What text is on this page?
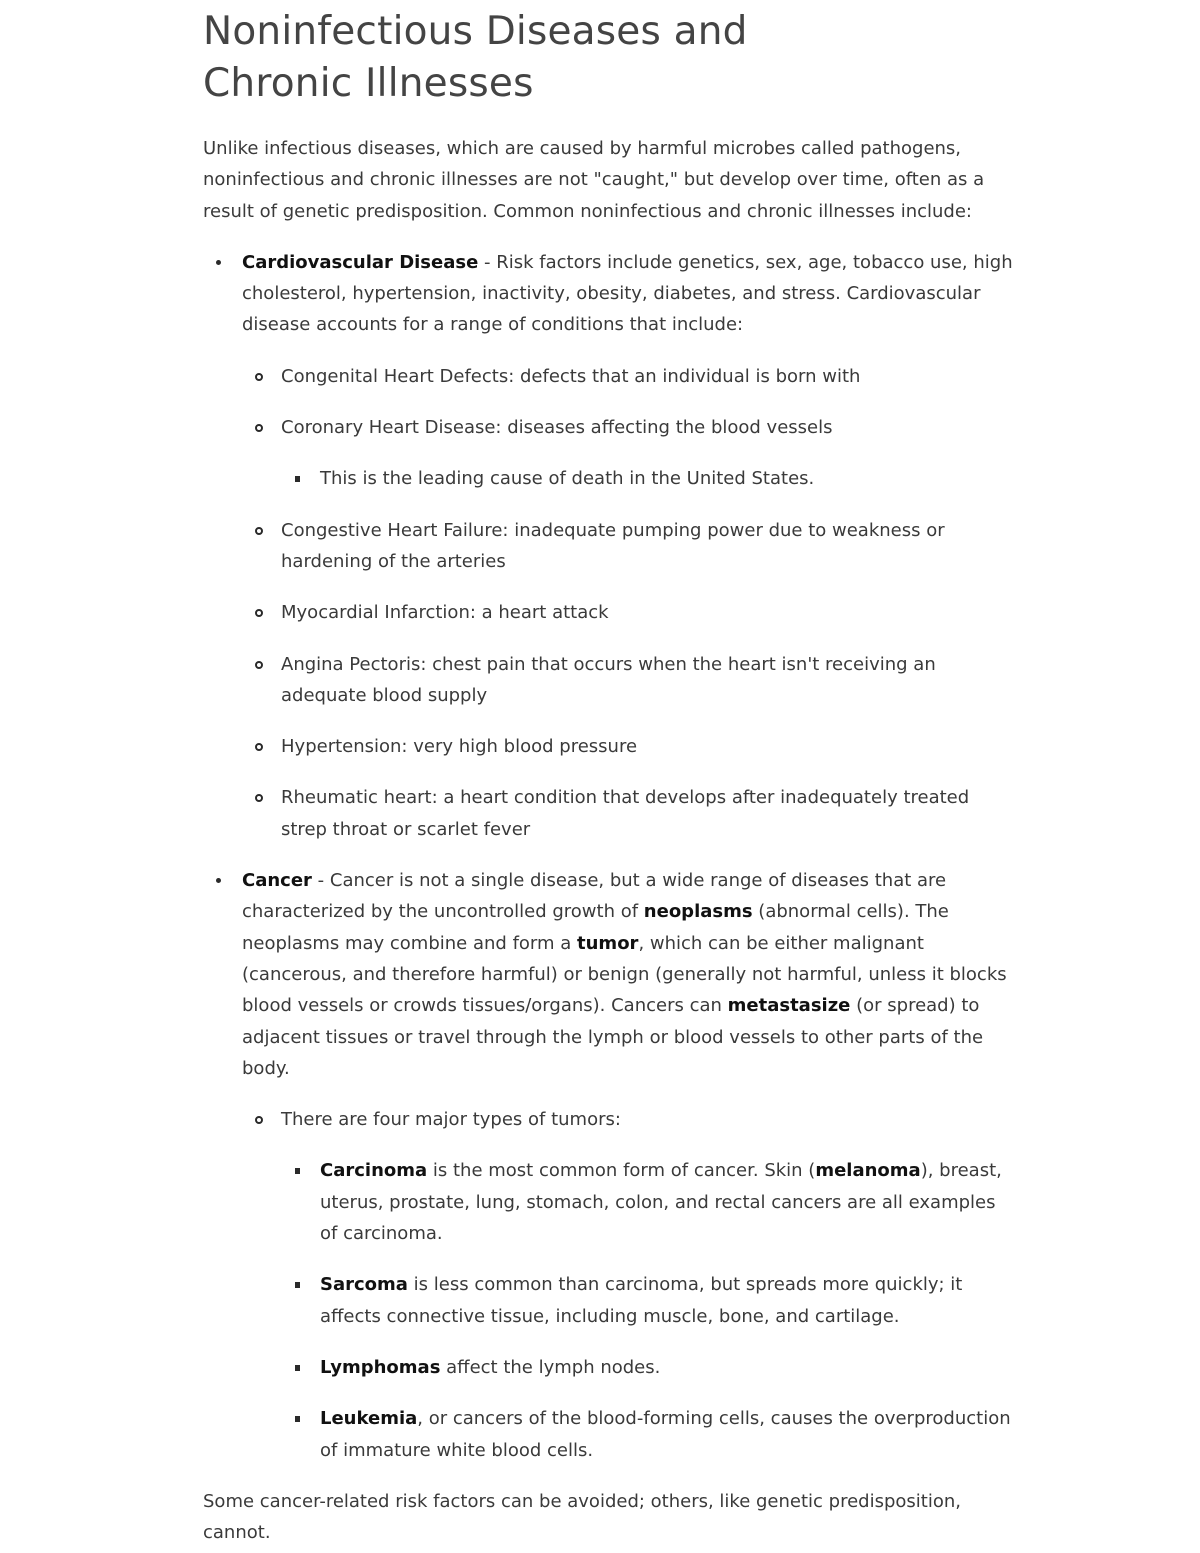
Noninfectious Diseases and Chronic Illnesses

Unlike infectious diseases, which are caused by harmful microbes called pathogens, noninfectious and chronic illnesses are not "caught," but develop over time, often as a result of genetic predisposition. Common noninfectious and chronic illnesses include:

Cardiovascular Disease - Risk factors include genetics, sex, age, tobacco use, high cholesterol, hypertension, inactivity, obesity, diabetes, and stress. Cardiovascular disease accounts for a range of conditions that include:
Congenital Heart Defects: defects that an individual is born with
Coronary Heart Disease: diseases affecting the blood vessels
This is the leading cause of death in the United States.
Congestive Heart Failure: inadequate pumping power due to weakness or hardening of the arteries
Myocardial Infarction: a heart attack
Angina Pectoris: chest pain that occurs when the heart isn't receiving an adequate blood supply
Hypertension: very high blood pressure
Rheumatic heart: a heart condition that develops after inadequately treated strep throat or scarlet fever
Cancer - Cancer is not a single disease, but a wide range of diseases that are characterized by the uncontrolled growth of neoplasms (abnormal cells). The neoplasms may combine and form a tumor, which can be either malignant (cancerous, and therefore harmful) or benign (generally not harmful, unless it blocks blood vessels or crowds tissues/organs). Cancers can metastasize (or spread) to adjacent tissues or travel through the lymph or blood vessels to other parts of the body.
There are four major types of tumors:
Carcinoma is the most common form of cancer. Skin (melanoma), breast, uterus, prostate, lung, stomach, colon, and rectal cancers are all examples of carcinoma.
Sarcoma is less common than carcinoma, but spreads more quickly; it affects connective tissue, including muscle, bone, and cartilage.
Lymphomas affect the lymph nodes.
Leukemia, or cancers of the blood-forming cells, causes the overproduction of immature white blood cells.

Some cancer-related risk factors can be avoided; others, like genetic predisposition, cannot.
